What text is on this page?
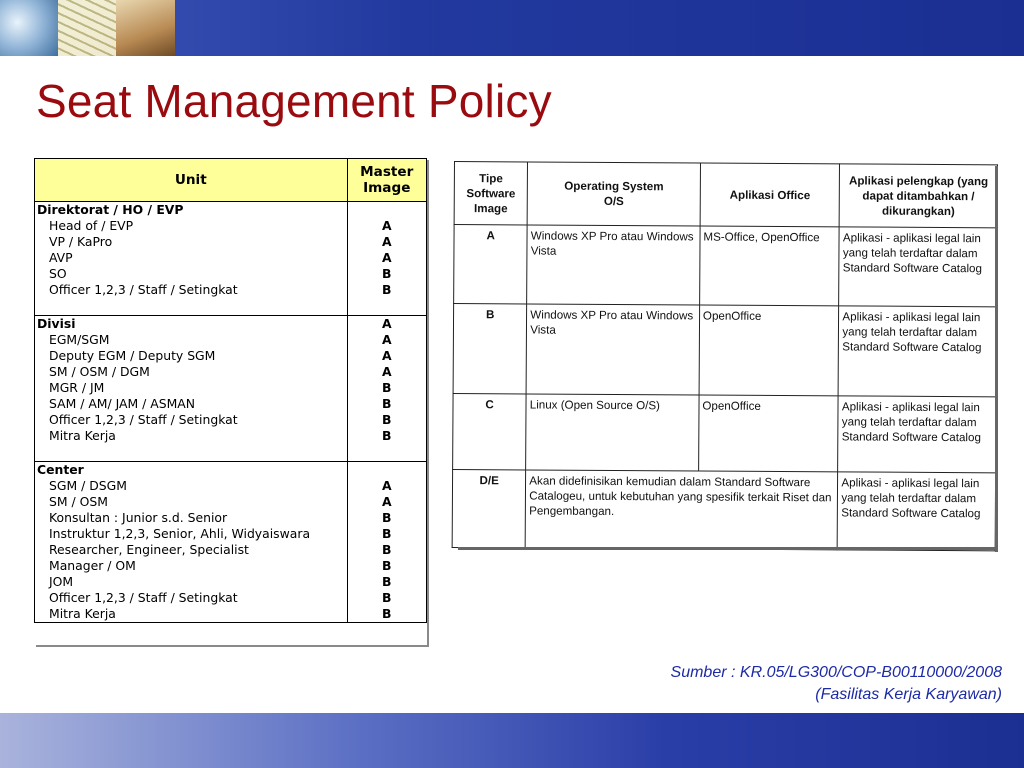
Seat Management Policy
Unit	Master Image
Direktorat / HO / EVP	
Head of / EVP	A
VP / KaPro	A
AVP	A
SO	B
Officer 1,2,3 / Staff / Setingkat	B

Divisi	A
EGM/SGM	A
Deputy EGM / Deputy SGM	A
SM / OSM / DGM	A
MGR / JM	B
SAM / AM/ JAM / ASMAN	B
Officer 1,2,3 / Staff / Setingkat	B
Mitra Kerja	B

Center	
SGM / DSGM	A
SM / OSM	A
Konsultan : Junior s.d. Senior	B
Instruktur 1,2,3, Senior, Ahli, Widyaiswara	B
Researcher, Engineer, Specialist	B
Manager / OM	B
JOM	B
Officer 1,2,3 / Staff / Setingkat	B
Mitra Kerja	B
Tipe Software Image	Operating System O/S	Aplikasi Office	Aplikasi pelengkap (yang dapat ditambahkan / dikurangkan)
A	Windows XP Pro atau Windows Vista	MS-Office, OpenOffice	Aplikasi - aplikasi legal lain yang telah terdaftar dalam Standard Software Catalog
B	Windows XP Pro atau Windows Vista	OpenOffice	Aplikasi - aplikasi legal lain yang telah terdaftar dalam Standard Software Catalog
C	Linux (Open Source O/S)	OpenOffice	Aplikasi - aplikasi legal lain yang telah terdaftar dalam Standard Software Catalog
D/E	Akan didefinisikan kemudian dalam Standard Software Catalogeu, untuk kebutuhan yang spesifik terkait Riset dan Pengembangan.		Aplikasi - aplikasi legal lain yang telah terdaftar dalam Standard Software Catalog
Sumber : KR.05/LG300/COP-B00110000/2008
(Fasilitas Kerja Karyawan)
